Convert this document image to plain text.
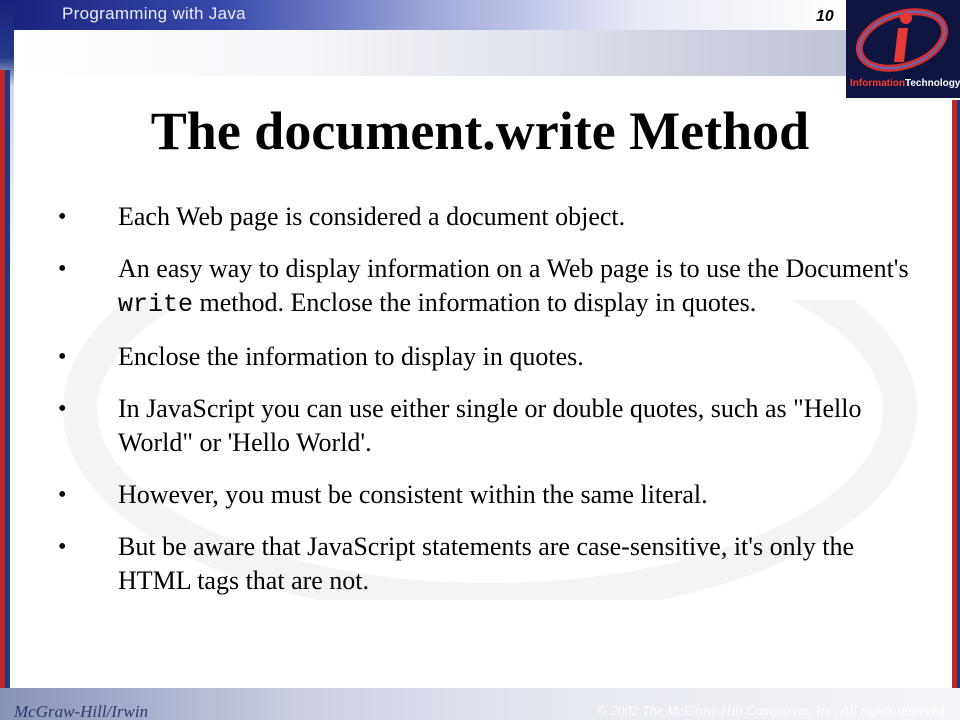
Programming with Java	10
InformationTechnology
The document.write Method
• Each Web page is considered a document object.
• An easy way to display information on a Web page is to use the Document's write method. Enclose the information to display in quotes.
• Enclose the information to display in quotes.
• In JavaScript you can use either single or double quotes, such as "Hello World" or 'Hello World'.
• However, you must be consistent within the same literal.
• But be aware that JavaScript statements are case-sensitive, it's only the HTML tags that are not.
McGraw-Hill/Irwin	© 2002 The McGraw-Hill Companies, Inc. All rights reserved.
